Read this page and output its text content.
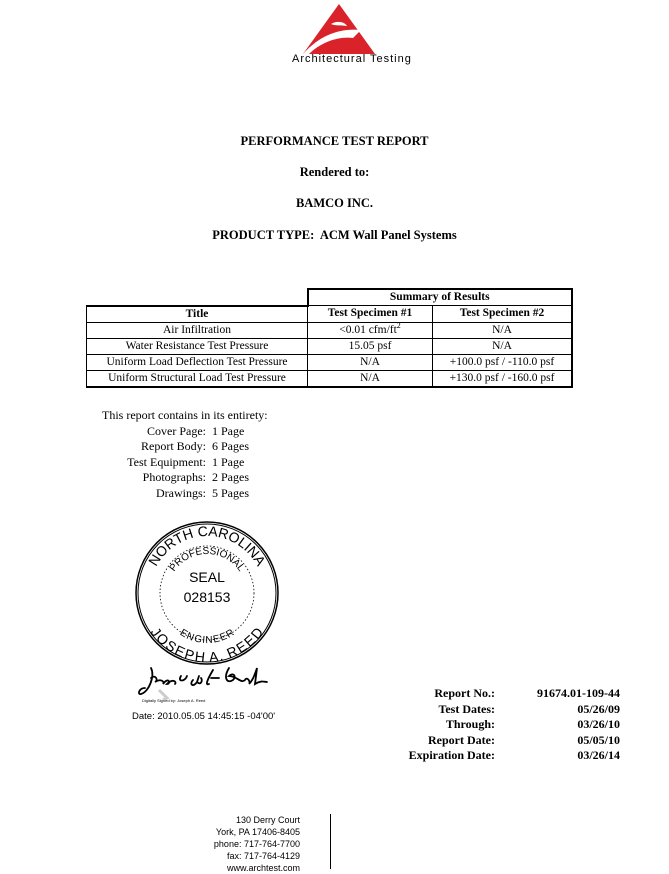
Architectural Testing
PERFORMANCE TEST REPORT
Rendered to:
BAMCO INC.
PRODUCT TYPE: ACM Wall Panel Systems
	Summary of Results	
Title	Test Specimen #1	Test Specimen #2
Air Infiltration	<0.01 cfm/$ft^2$	N/A
Water Resistance Test Pressure	15.05 psf	N/A
Uniform Load Deflection Test Pressure	N/A	+100.0 psf / -110.0 psf
Uniform Structural Load Test Pressure	N/A	+130.0 psf / -160.0 psf
This report contains in its entirety:
Cover Page: 1 Page
Report Body: 6 Pages
Test Equipment: 1 Page
Photographs: 2 Pages
Drawings: 5 Pages
NORTH CAROLINA
JOSEPH A. REED
PROFESSIONAL
ENGINEER
SEAL
028153
Digitally Signed by: Joseph A. Reed
Date: 2010.05.05 14:45:15 -04'00'
Report No.:	91674.01-109-44
Test Dates:	05/26/09
Through:	03/26/10
Report Date:	05/05/10
Expiration Date:	03/26/14
130 Derry Court
York, PA 17406-8405
phone: 717-764-7700
fax: 717-764-4129
www.archtest.com
